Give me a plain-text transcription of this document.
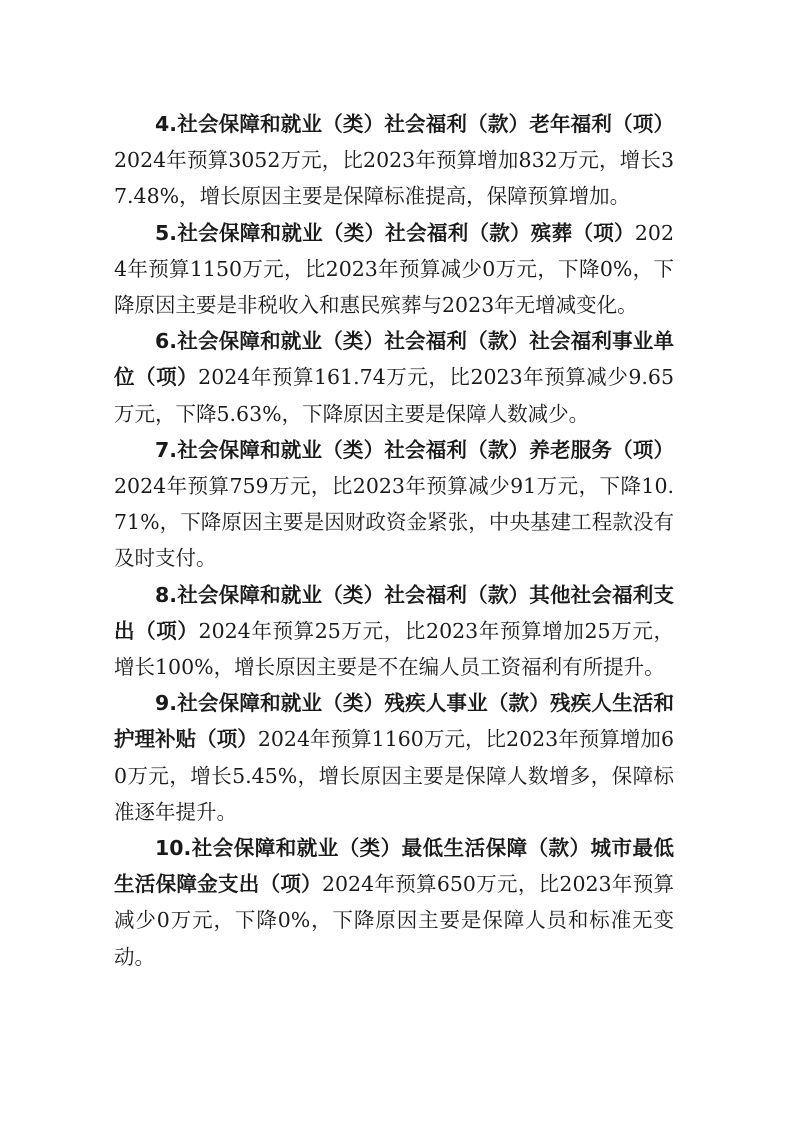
4.社会保障和就业（类）社会福利（款）老年福利（项）2024年预算3052万元，比2023年预算增加832万元，增长37.48%，增长原因主要是保障标准提高，保障预算增加。

5.社会保障和就业（类）社会福利（款）殡葬（项）2024年预算1150万元，比2023年预算减少0万元，下降0%，下降原因主要是非税收入和惠民殡葬与2023年无增减变化。

6.社会保障和就业（类）社会福利（款）社会福利事业单位（项）2024年预算161.74万元，比2023年预算减少9.65万元，下降5.63%，下降原因主要是保障人数减少。

7.社会保障和就业（类）社会福利（款）养老服务（项）2024年预算759万元，比2023年预算减少91万元，下降10.71%，下降原因主要是因财政资金紧张，中央基建工程款没有及时支付。

8.社会保障和就业（类）社会福利（款）其他社会福利支出（项）2024年预算25万元，比2023年预算增加25万元，增长100%，增长原因主要是不在编人员工资福利有所提升。

9.社会保障和就业（类）残疾人事业（款）残疾人生活和护理补贴（项）2024年预算1160万元，比2023年预算增加60万元，增长5.45%，增长原因主要是保障人数增多，保障标准逐年提升。

10.社会保障和就业（类）最低生活保障（款）城市最低生活保障金支出（项）2024年预算650万元，比2023年预算减少0万元，下降0%，下降原因主要是保障人员和标准无变动。
